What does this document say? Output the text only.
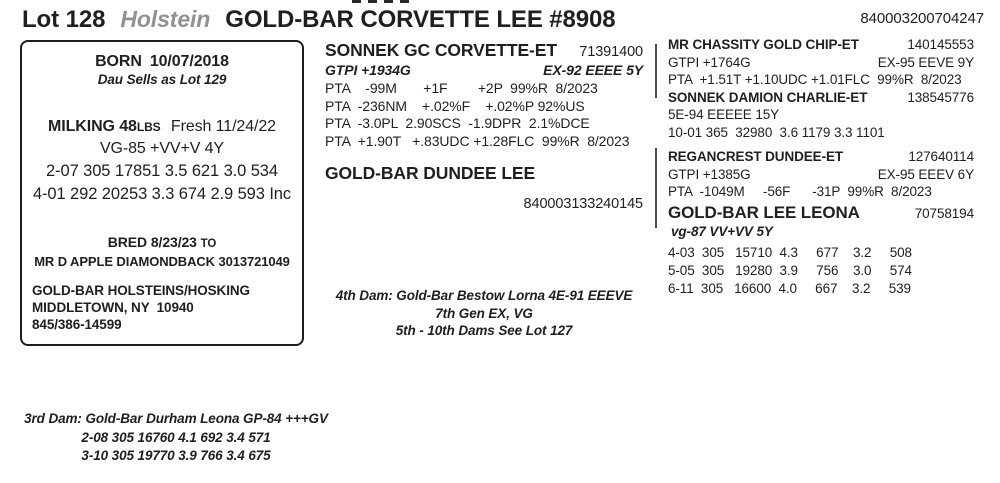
Lot 128 Holstein GOLD-BAR CORVETTE LEE #8908	840003200704247
BORN 10/07/2018
Dau Sells as Lot 129
MILKING 48LBS Fresh 11/24/22
VG-85 +VV+V 4Y
2-07 305 17851 3.5 621 3.0 534
4-01 292 20253 3.3 674 2.9 593 Inc
BRED 8/23/23 TO
MR D APPLE DIAMONDBACK 3013721049
GOLD-BAR HOLSTEINS/HOSKING
MIDDLETOWN, NY  10940
845/386-14599
SONNEK GC CORVETTE-ET 71391400
GTPI +1934G	EX-92 EEEE 5Y
PTA    -99M       +1F        +2P  99%R  8/2023
PTA  -236NM    +.02%F    +.02%P 92%US
PTA  -3.0PL  2.90SCS  -1.9DPR  2.1%DCE
PTA  +1.90T   +.83UDC +1.28FLC  99%R  8/2023
GOLD-BAR DUNDEE LEE
840003133240145
4th Dam: Gold-Bar Bestow Lorna 4E-91 EEEVE
7th Gen EX, VG
5th - 10th Dams See Lot 127
MR CHASSITY GOLD CHIP-ET	140145553
GTPI +1764G	EX-95 EEVE 9Y
PTA  +1.51T +1.10UDC +1.01FLC  99%R  8/2023
SONNEK DAMION CHARLIE-ET	138545776
5E-94 EEEEE 15Y
10-01 365  32980  3.6 1179 3.3 1101
REGANCREST DUNDEE-ET	127640114
GTPI +1385G	EX-95 EEEV 6Y
PTA  -1049M     -56F      -31P  99%R  8/2023
GOLD-BAR LEE LEONA	70758194
vg-87 VV+VV 5Y
4-03  305   15710  4.3     677    3.2     508
5-05  305   19280  3.9     756    3.0     574
6-11  305   16600  4.0     667    3.2     539
3rd Dam: Gold-Bar Durham Leona GP-84 +++GV
2-08 305 16760 4.1 692 3.4 571
3-10 305 19770 3.9 766 3.4 675
